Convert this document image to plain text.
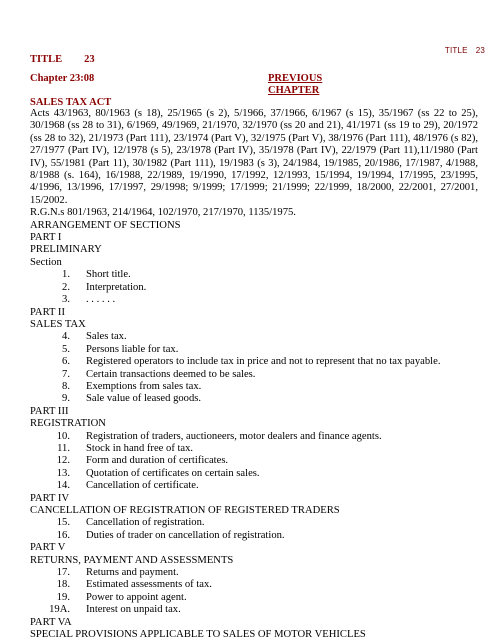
TITLE 23
TITLE 23
Chapter 23:08	PREVIOUS CHAPTER
SALES TAX ACT

Acts 43/1963, 80/1963 (s 18), 25/1965 (s 2), 5/1966, 37/1966, 6/1967 (s 15), 35/1967 (ss 22 to 25), 30/1968 (ss 28 to 31), 6/1969, 49/1969, 21/1970, 32/1970 (ss 20 and 21), 41/1971 (ss 19 to 29), 20/1972 (ss 28 to 32), 21/1973 (Part 111), 23/1974 (Part V), 32/1975 (Part V), 38/1976 (Part 111), 48/1976 (s 82), 27/1977 (Part IV), 12/1978 (s 5), 23/1978 (Part IV), 35/1978 (Part IV), 22/1979 (Part 11),11/1980 (Part IV), 55/1981 (Part 11), 30/1982 (Part 111), 19/1983 (s 3), 24/1984, 19/1985, 20/1986, 17/1987, 4/1988, 8/1988 (s. 164), 16/1988, 22/1989, 19/1990, 17/1992, 12/1993, 15/1994, 19/1994, 17/1995, 23/1995, 4/1996, 13/1996, 17/1997, 29/1998; 9/1999; 17/1999; 21/1999; 22/1999, 18/2000, 22/2001, 27/2001, 15/2002.

R.G.N.s 801/1963, 214/1964, 102/1970, 217/1970, 1135/1975.
ARRANGEMENT OF SECTIONS
PART I
PRELIMINARY
Section
1. Short title.
2. Interpretation.
3. . . . . . .
PART II
SALES TAX
4. Sales tax.
5. Persons liable for tax.
6. Registered operators to include tax in price and not to represent that no tax payable.
7. Certain transactions deemed to be sales.
8. Exemptions from sales tax.
9. Sale value of leased goods.
PART III
REGISTRATION
10. Registration of traders, auctioneers, motor dealers and finance agents.
11. Stock in hand free of tax.
12. Form and duration of certificates.
13. Quotation of certificates on certain sales.
14. Cancellation of certificate.
PART IV
CANCELLATION OF REGISTRATION OF REGISTERED TRADERS
15. Cancellation of registration.
16. Duties of trader on cancellation of registration.
PART V
RETURNS, PAYMENT AND ASSESSMENTS
17. Returns and payment.
18. Estimated assessments of tax.
19. Power to appoint agent.
19A. Interest on unpaid tax.
PART VA
SPECIAL PROVISIONS APPLICABLE TO SALES OF MOTOR VEHICLES
